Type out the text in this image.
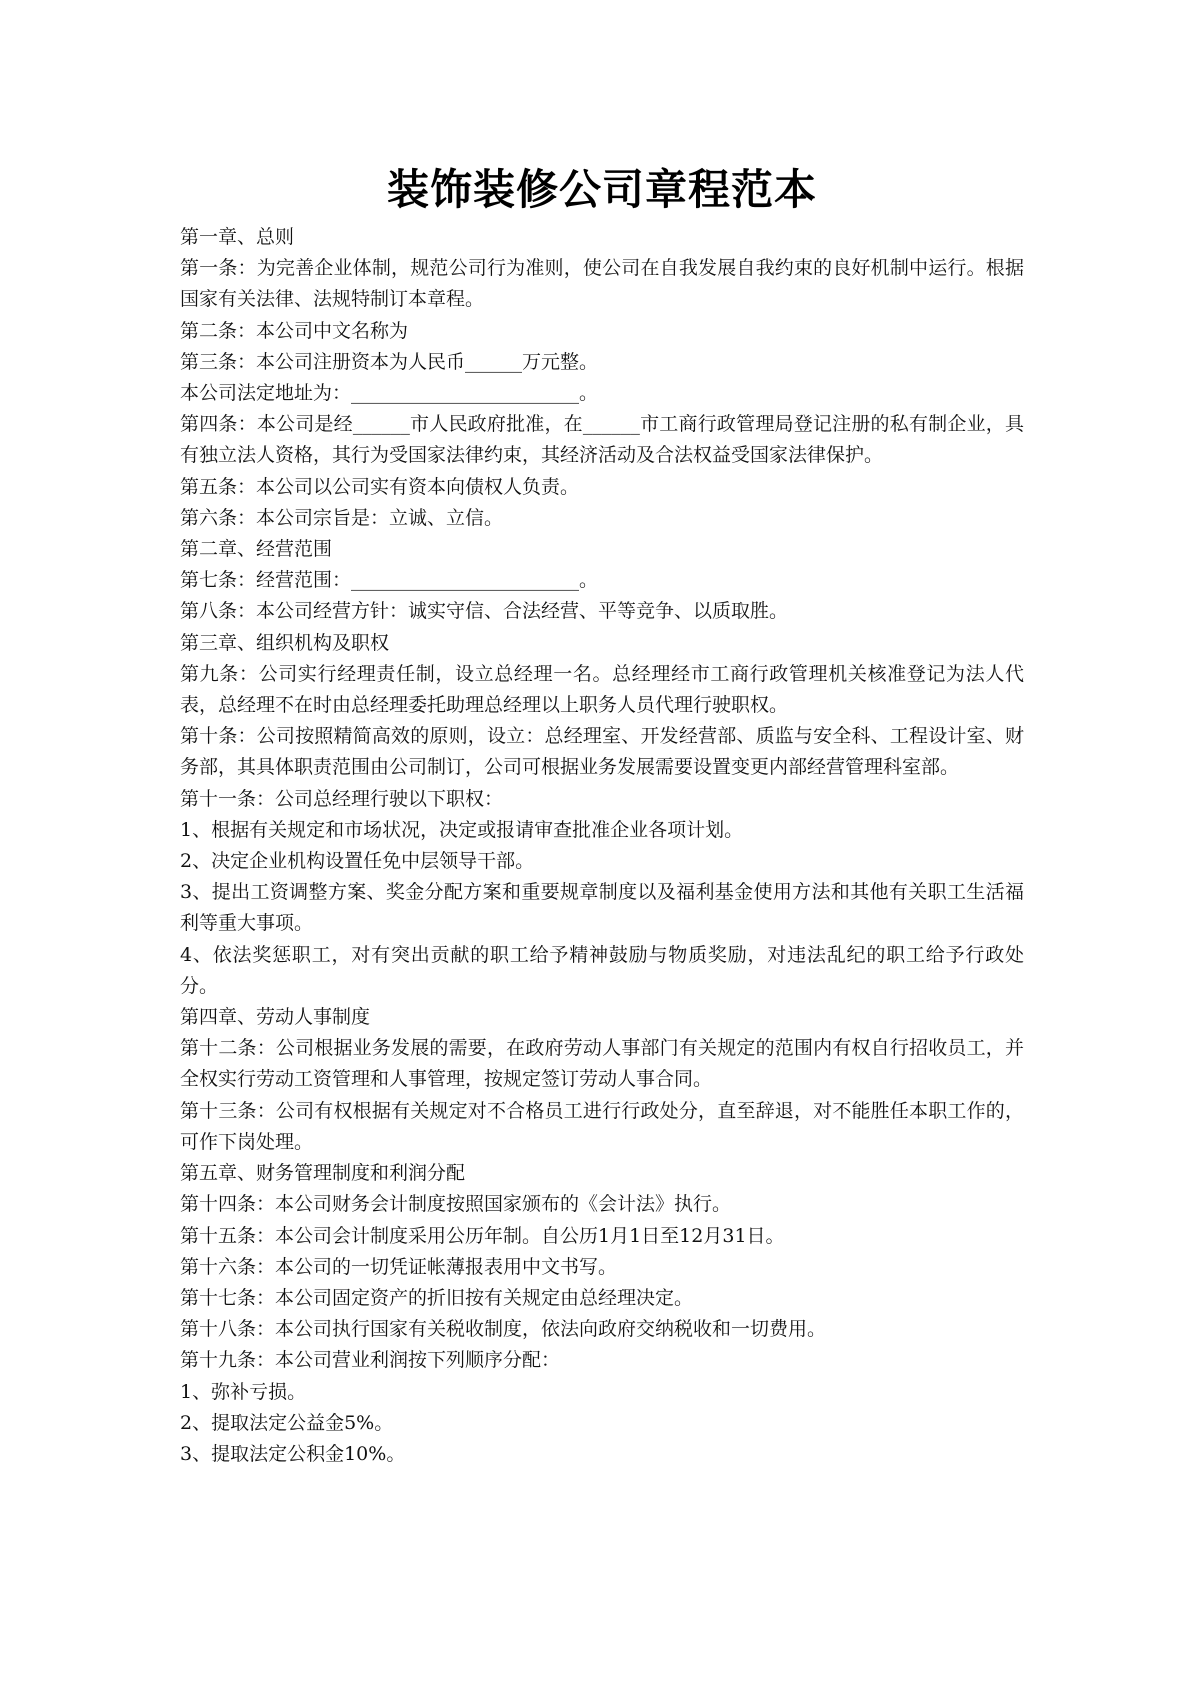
装饰装修公司章程范本

第一章、总则

第一条：为完善企业体制，规范公司行为准则，使公司在自我发展自我约束的良好机制中运行。根据国家有关法律、法规特制订本章程。

第二条：本公司中文名称为

第三条：本公司注册资本为人民币______万元整。

本公司法定地址为：________________________。

第四条：本公司是经______市人民政府批准，在______市工商行政管理局登记注册的私有制企业，具有独立法人资格，其行为受国家法律约束，其经济活动及合法权益受国家法律保护。

第五条：本公司以公司实有资本向债权人负责。

第六条：本公司宗旨是：立诚、立信。

第二章、经营范围

第七条：经营范围：________________________。

第八条：本公司经营方针：诚实守信、合法经营、平等竞争、以质取胜。

第三章、组织机构及职权

第九条：公司实行经理责任制，设立总经理一名。总经理经市工商行政管理机关核准登记为法人代表，总经理不在时由总经理委托助理总经理以上职务人员代理行驶职权。

第十条：公司按照精简高效的原则，设立：总经理室、开发经营部、质监与安全科、工程设计室、财务部，其具体职责范围由公司制订，公司可根据业务发展需要设置变更内部经营管理科室部。

第十一条：公司总经理行驶以下职权：

1、根据有关规定和市场状况，决定或报请审查批准企业各项计划。

2、决定企业机构设置任免中层领导干部。

3、提出工资调整方案、奖金分配方案和重要规章制度以及福利基金使用方法和其他有关职工生活福利等重大事项。

4、依法奖惩职工，对有突出贡献的职工给予精神鼓励与物质奖励，对违法乱纪的职工给予行政处分。

第四章、劳动人事制度

第十二条：公司根据业务发展的需要，在政府劳动人事部门有关规定的范围内有权自行招收员工，并全权实行劳动工资管理和人事管理，按规定签订劳动人事合同。

第十三条：公司有权根据有关规定对不合格员工进行行政处分，直至辞退，对不能胜任本职工作的，可作下岗处理。

第五章、财务管理制度和利润分配

第十四条：本公司财务会计制度按照国家颁布的《会计法》执行。

第十五条：本公司会计制度采用公历年制。自公历1月1日至12月31日。

第十六条：本公司的一切凭证帐薄报表用中文书写。

第十七条：本公司固定资产的折旧按有关规定由总经理决定。

第十八条：本公司执行国家有关税收制度，依法向政府交纳税收和一切费用。

第十九条：本公司营业利润按下列顺序分配：

1、弥补亏损。

2、提取法定公益金5%。

3、提取法定公积金10%。
